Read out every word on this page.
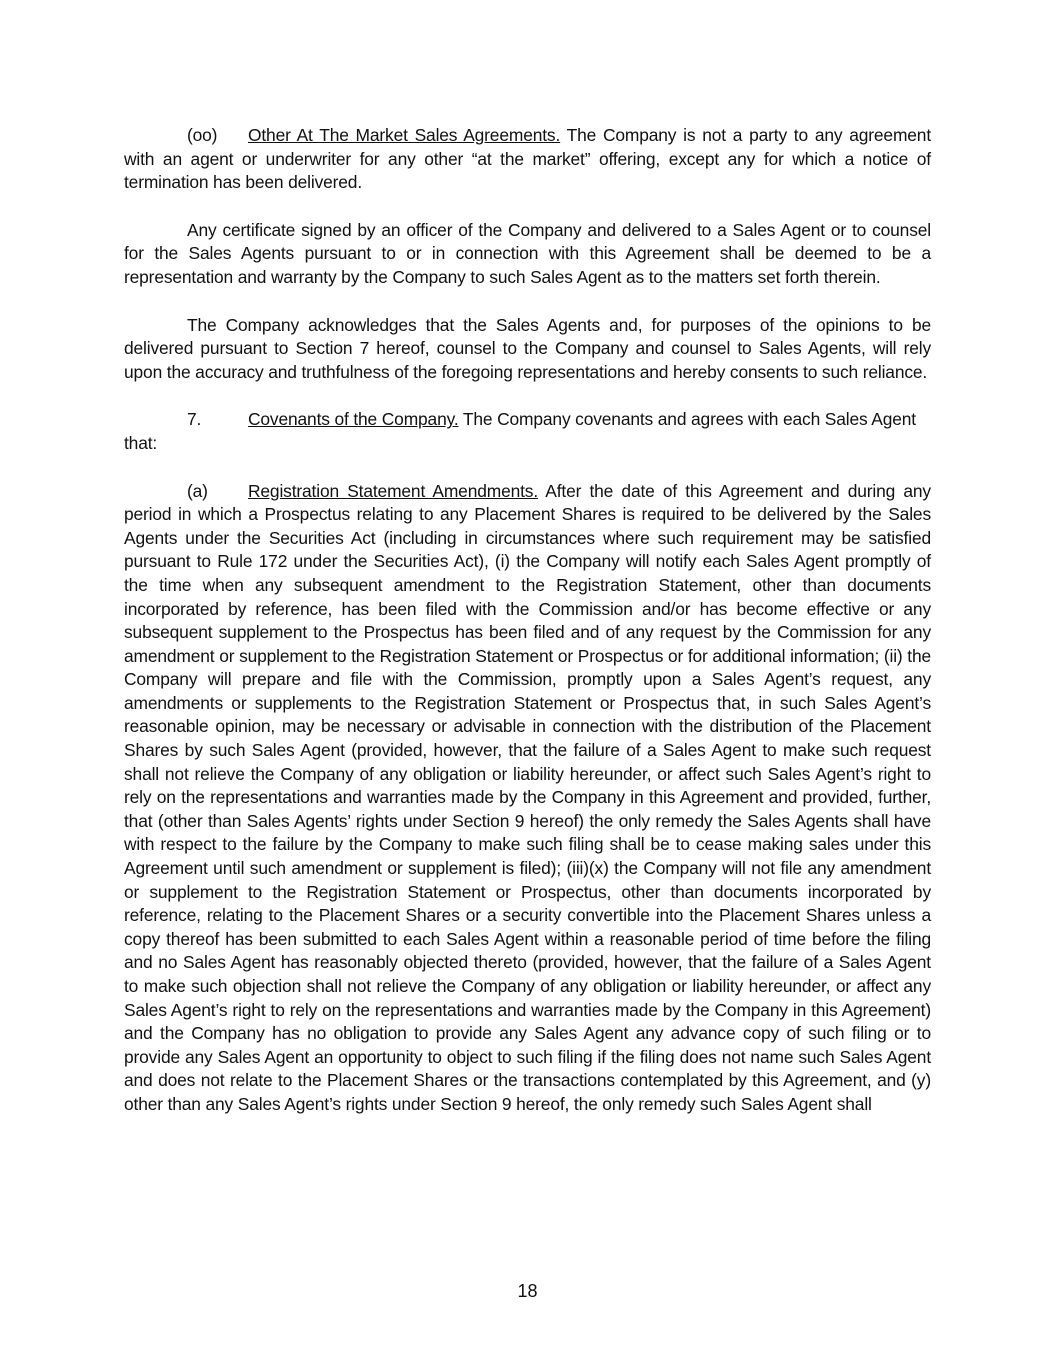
(oo) Other At The Market Sales Agreements. The Company is not a party to any agreement with an agent or underwriter for any other “at the market” offering, except any for which a notice of termination has been delivered.

Any certificate signed by an officer of the Company and delivered to a Sales Agent or to counsel for the Sales Agents pursuant to or in connection with this Agreement shall be deemed to be a representation and warranty by the Company to such Sales Agent as to the matters set forth therein.

The Company acknowledges that the Sales Agents and, for purposes of the opinions to be delivered pursuant to Section 7 hereof, counsel to the Company and counsel to Sales Agents, will rely upon the accuracy and truthfulness of the foregoing representations and hereby consents to such reliance.

7.	Covenants of the Company. The Company covenants and agrees with each Sales Agent that:

(a) Registration Statement Amendments. After the date of this Agreement and during any period in which a Prospectus relating to any Placement Shares is required to be delivered by the Sales Agents under the Securities Act (including in circumstances where such requirement may be satisfied pursuant to Rule 172 under the Securities Act), (i) the Company will notify each Sales Agent promptly of the time when any subsequent amendment to the Registration Statement, other than documents incorporated by reference, has been filed with the Commission and/or has become effective or any subsequent supplement to the Prospectus has been filed and of any request by the Commission for any amendment or supplement to the Registration Statement or Prospectus or for additional information; (ii) the Company will prepare and file with the Commission, promptly upon a Sales Agent’s request, any amendments or supplements to the Registration Statement or Prospectus that, in such Sales Agent’s reasonable opinion, may be necessary or advisable in connection with the distribution of the Placement Shares by such Sales Agent (provided, however, that the failure of a Sales Agent to make such request shall not relieve the Company of any obligation or liability hereunder, or affect such Sales Agent’s right to rely on the representations and warranties made by the Company in this Agreement and provided, further, that (other than Sales Agents’ rights under Section 9 hereof) the only remedy the Sales Agents shall have with respect to the failure by the Company to make such filing shall be to cease making sales under this Agreement until such amendment or supplement is filed); (iii)(x) the Company will not file any amendment or supplement to the Registration Statement or Prospectus, other than documents incorporated by reference, relating to the Placement Shares or a security convertible into the Placement Shares unless a copy thereof has been submitted to each Sales Agent within a reasonable period of time before the filing and no Sales Agent has reasonably objected thereto (provided, however, that the failure of a Sales Agent to make such objection shall not relieve the Company of any obligation or liability hereunder, or affect any Sales Agent’s right to rely on the representations and warranties made by the Company in this Agreement) and the Company has no obligation to provide any Sales Agent any advance copy of such filing or to provide any Sales Agent an opportunity to object to such filing if the filing does not name such Sales Agent and does not relate to the Placement Shares or the transactions contemplated by this Agreement, and (y) other than any Sales Agent’s rights under Section 9 hereof, the only remedy such Sales Agent shall

18
